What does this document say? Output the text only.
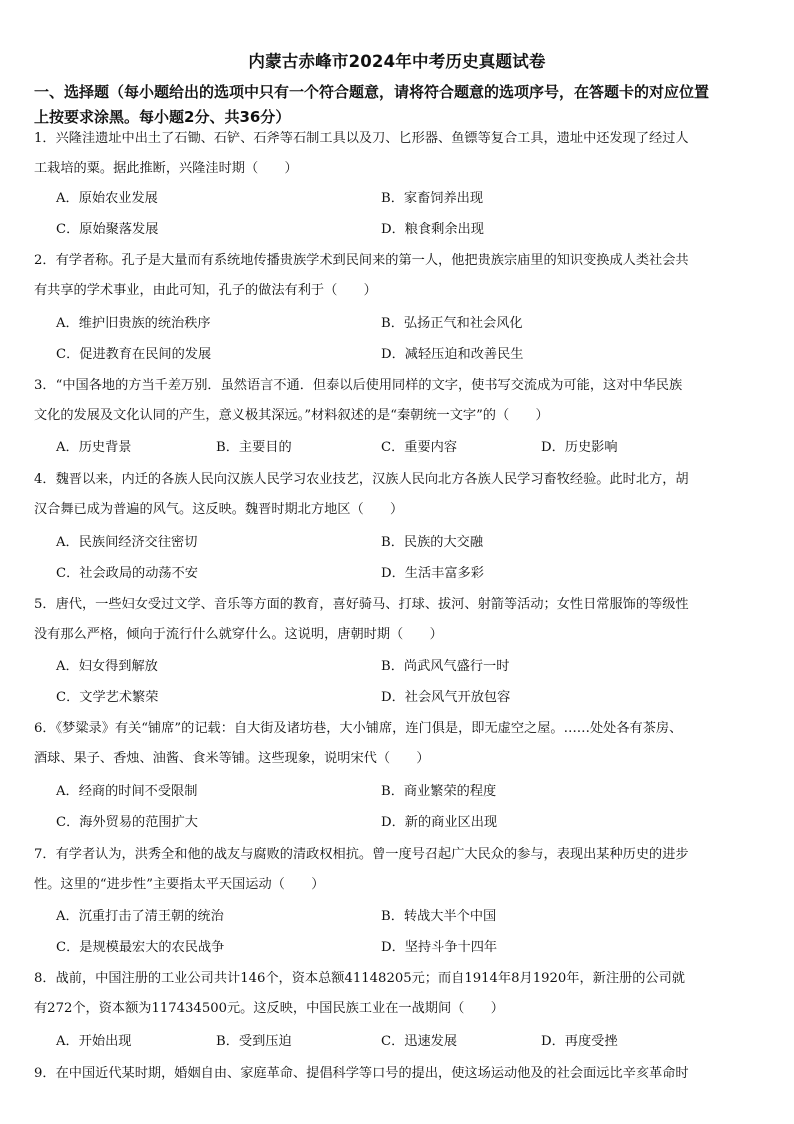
内蒙古赤峰市2024年中考历史真题试卷
一、选择题（每小题给出的选项中只有一个符合题意，请将符合题意的选项序号，在答题卡的对应位置
上按要求涂黑。每小题2分、共36分）
1．兴隆洼遗址中出土了石锄、石铲、石斧等石制工具以及刀、匕形器、鱼镖等复合工具，遗址中还发现了经过人
工栽培的粟。据此推断，兴隆洼时期（　　）
A．原始农业发展	B．家畜饲养出现
C．原始聚落发展	D．粮食剩余出现
2．有学者称。孔子是大量而有系统地传播贵族学术到民间来的第一人，他把贵族宗庙里的知识变换成人类社会共
有共享的学术事业，由此可知，孔子的做法有利于（　　）
A．维护旧贵族的统治秩序	B．弘扬正气和社会风化
C．促进教育在民间的发展	D．减轻压迫和改善民生
3．“中国各地的方当千差万别．虽然语言不通．但泰以后使用同样的文字，使书写交流成为可能，这对中华民族
文化的发展及文化认同的产生，意义极其深远。”材料叙述的是“秦朝统一文字”的（　　）
A．历史背景	B．主要目的	C．重要内容	D．历史影响
4．魏晋以来，内迁的各族人民向汉族人民学习农业技艺，汉族人民向北方各族人民学习畜牧经验。此时北方，胡
汉合舞已成为普遍的风气。这反映。魏晋时期北方地区（　　）
A．民族间经济交往密切	B．民族的大交融
C．社会政局的动荡不安	D．生活丰富多彩
5．唐代，一些妇女受过文学、音乐等方面的教育，喜好骑马、打球、拔河、射箭等活动；女性日常服饰的等级性
没有那么严格，倾向于流行什么就穿什么。这说明，唐朝时期（　　）
A．妇女得到解放	B．尚武风气盛行一时
C．文学艺术繁荣	D．社会风气开放包容
6．《梦粱录》有关“铺席”的记载：自大街及诸坊巷，大小铺席，连门俱是，即无虚空之屋。……处处各有茶房、
酒球、果子、香烛、油酱、食米等铺。这些现象，说明宋代（　　）
A．经商的时间不受限制	B．商业繁荣的程度
C．海外贸易的范围扩大	D．新的商业区出现
7．有学者认为，洪秀全和他的战友与腐败的清政权相抗。曾一度号召起广大民众的参与，表现出某种历史的进步
性。这里的“进步性”主要指太平天国运动（　　）
A．沉重打击了清王朝的统治	B．转战大半个中国
C．是规模最宏大的农民战争	D．坚持斗争十四年
8．战前，中国注册的工业公司共计146个，资本总额41148205元；而自1914年8月1920年，新注册的公司就
有272个，资本额为117434500元。这反映，中国民族工业在一战期间（　　）
A．开始出现	B．受到压迫	C．迅速发展	D．再度受挫
9．在中国近代某时期，婚姻自由、家庭革命、提倡科学等口号的提出，使这场运动他及的社会面远比辛亥革命时
